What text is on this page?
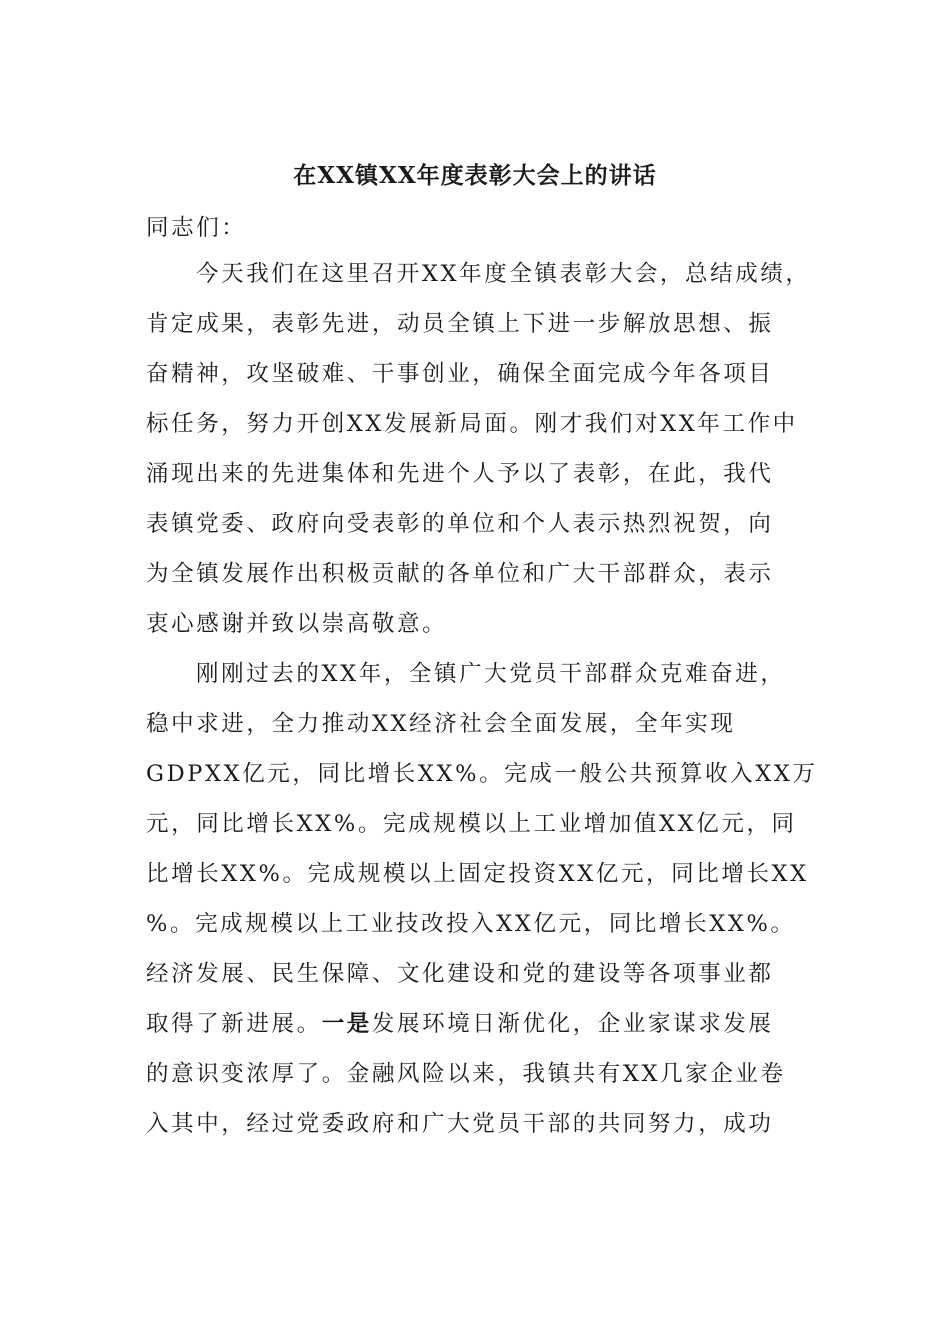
在XX镇XX年度表彰大会上的讲话

同志们：

今天我们在这里召开XX年度全镇表彰大会，总结成绩，
肯定成果，表彰先进，动员全镇上下进一步解放思想、振
奋精神，攻坚破难、干事创业，确保全面完成今年各项目
标任务，努力开创XX发展新局面。刚才我们对XX年工作中
涌现出来的先进集体和先进个人予以了表彰，在此，我代
表镇党委、政府向受表彰的单位和个人表示热烈祝贺，向
为全镇发展作出积极贡献的各单位和广大干部群众，表示
衷心感谢并致以崇高敬意。

刚刚过去的XX年，全镇广大党员干部群众克难奋进，
稳中求进，全力推动XX经济社会全面发展，全年实现
GDPXX亿元，同比增长XX%。完成一般公共预算收入XX万
元，同比增长XX%。完成规模以上工业增加值XX亿元，同
比增长XX%。完成规模以上固定投资XX亿元，同比增长XX
%。完成规模以上工业技改投入XX亿元，同比增长XX%。
经济发展、民生保障、文化建设和党的建设等各项事业都
取得了新进展。一是发展环境日渐优化，企业家谋求发展
的意识变浓厚了。金融风险以来，我镇共有XX几家企业卷
入其中，经过党委政府和广大党员干部的共同努力，成功
